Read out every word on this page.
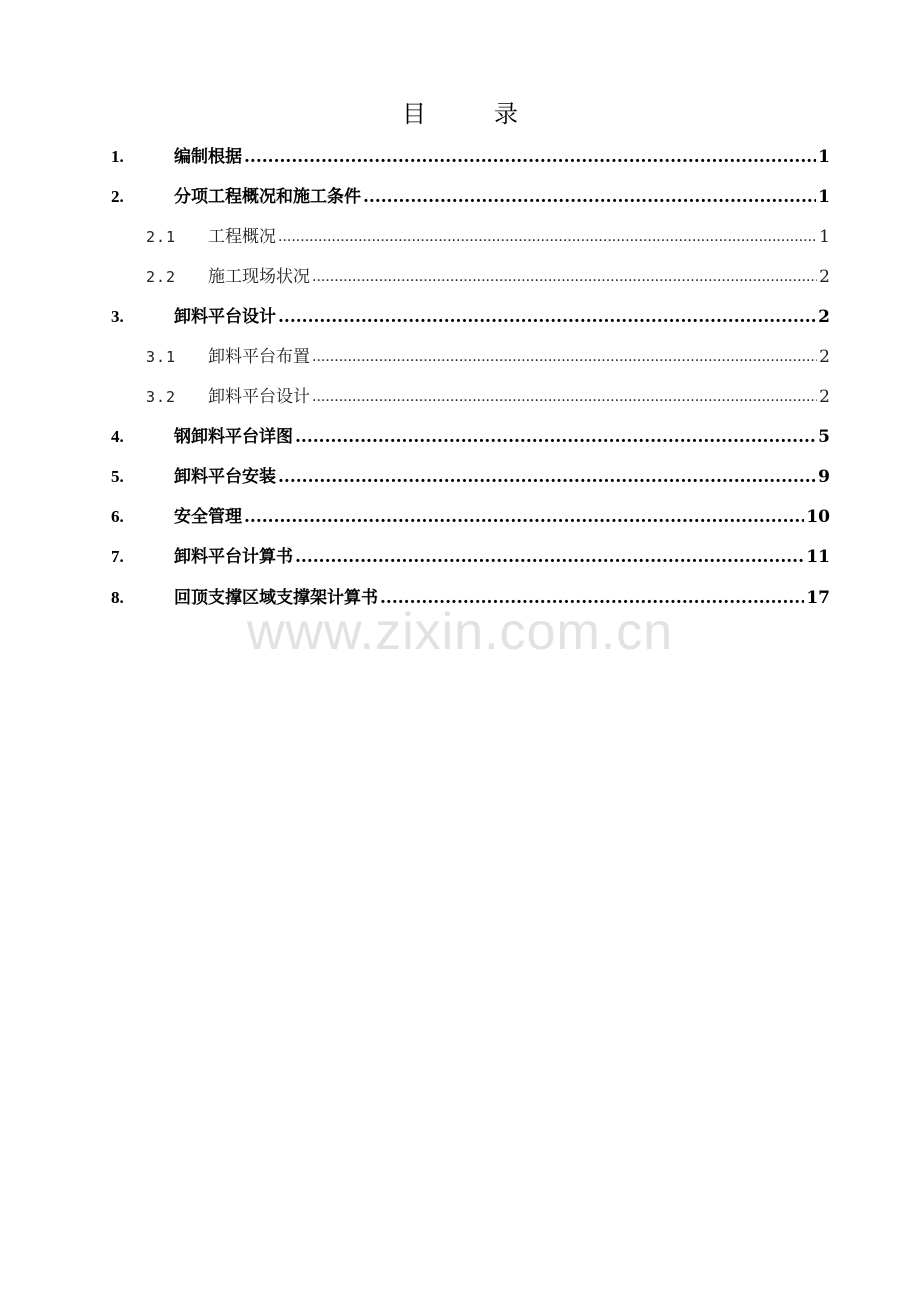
目　录
1.	编制根据 .....	1
2.	分项工程概况和施工条件 .....	1
2.1 工程概况 .....	1
2.2 施工现场状况 .....	2
3.	卸料平台设计 .....	2
3.1 卸料平台布置 .....	2
3.2 卸料平台设计 .....	2
4.	钢卸料平台详图 .....	5
5.	卸料平台安装 .....	9
6.	安全管理 .....	10
7.	卸料平台计算书 .....	11
8.	回顶支撑区域支撑架计算书 .....	17
www.zixin.com.cn
